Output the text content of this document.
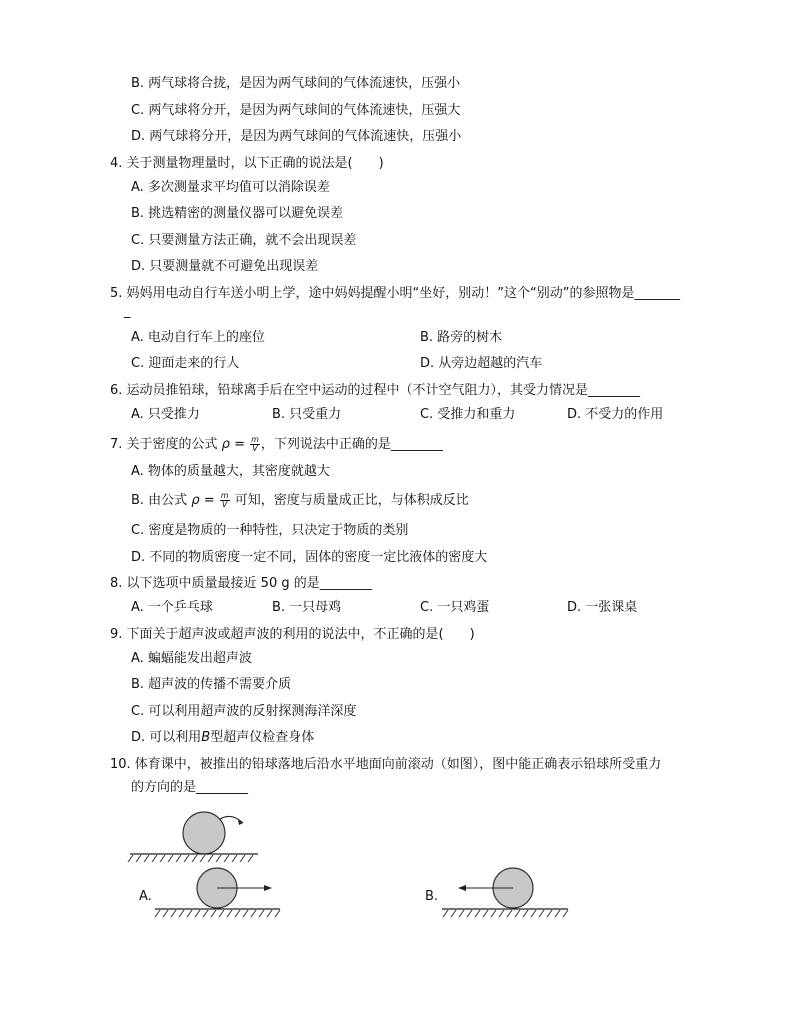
B. 两气球将合拢，是因为两气球间的气体流速快，压强小
C. 两气球将分开，是因为两气球间的气体流速快，压强大
D. 两气球将分开，是因为两气球间的气体流速快，压强小
4. 关于测量物理量时，以下正确的说法是(　　)
A. 多次测量求平均值可以消除误差
B. 挑选精密的测量仪器可以避免误差
C. 只要测量方法正确，就不会出现误差
D. 只要测量就不可避免出现误差
5. 妈妈用电动自行车送小明上学，途中妈妈提醒小明“坐好，别动！”这个“别动”的参照物是_______
_
A. 电动自行车上的座位	B. 路旁的树木
C. 迎面走来的行人	D. 从旁边超越的汽车
6. 运动员推铅球，铅球离手后在空中运动的过程中（不计空气阻力），其受力情况是________
A. 只受推力	B. 只受重力	C. 受推力和重力	D. 不受力的作用
7. 关于密度的公式 $\rho = \frac{m}{V}$ ，下列说法中正确的是________
A. 物体的质量越大，其密度就越大
B. 由公式 $\rho = \frac{m}{V}$ 可知，密度与质量成正比，与体积成反比
C. 密度是物质的一种特性，只决定于物质的类别
D. 不同的物质密度一定不同，固体的密度一定比液体的密度大
8. 以下选项中质量最接近 50 g 的是________
A. 一个乒乓球	B. 一只母鸡	C. 一只鸡蛋	D. 一张课桌
9. 下面关于超声波或超声波的利用的说法中，不正确的是(　　)
A. 蝙蝠能发出超声波
B. 超声波的传播不需要介质
C. 可以利用超声波的反射探测海洋深度
D. 可以利用B型超声仪检查身体
10. 体育课中，被推出的铅球落地后沿水平地面向前滚动（如图），图中能正确表示铅球所受重力
的方向的是________
A.	B.
